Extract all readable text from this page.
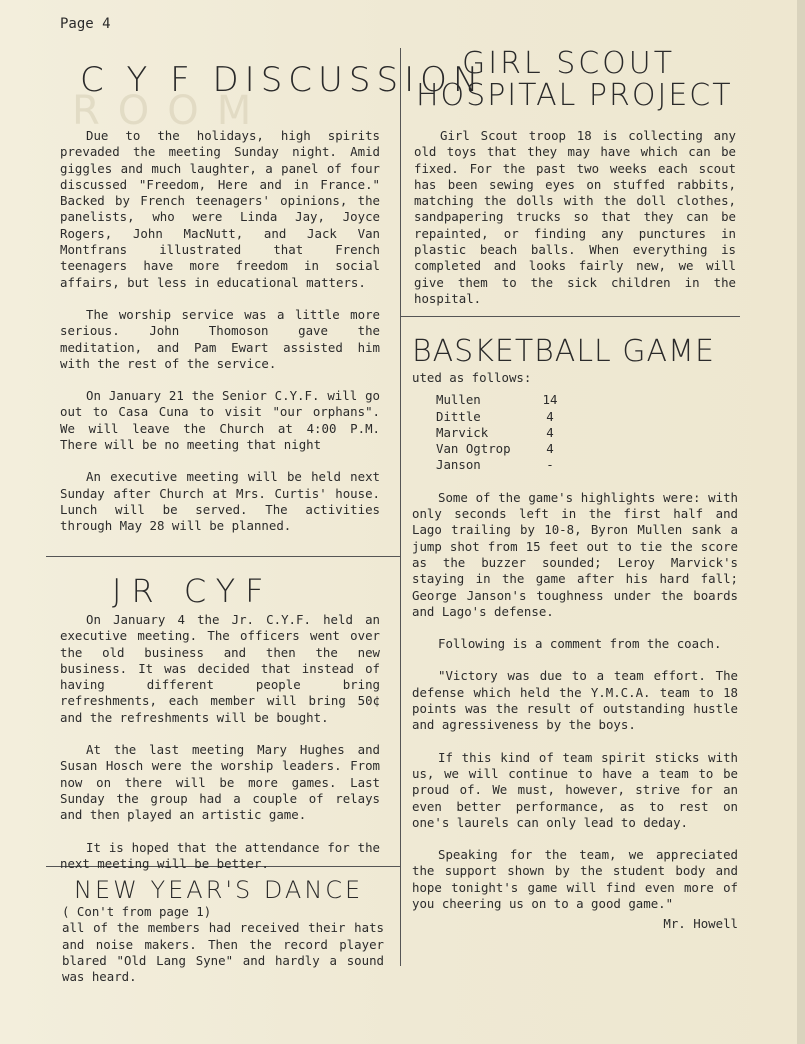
Page 4
ROOM
C Y F DISCUSSION

Due to the holidays, high spirits prevaded the meeting Sunday night. Amid giggles and much laughter, a panel of four discussed "Freedom, Here and in France." Backed by French teenagers' opinions, the panelists, who were Linda Jay, Joyce Rogers, John MacNutt, and Jack Van Montfrans illustrated that French teenagers have more freedom in social affairs, but less in educational matters.

The worship service was a little more serious. John Thomoson gave the meditation, and Pam Ewart assisted him with the rest of the service.

On January 21 the Senior C.Y.F. will go out to Casa Cuna to visit "our orphans". We will leave the Church at 4:00 P.M. There will be no meeting that night

An executive meeting will be held next Sunday after Church at Mrs. Curtis' house. Lunch will be served. The activities through May 28 will be planned.

JR CYF

On January 4 the Jr. C.Y.F. held an executive meeting. The officers went over the old business and then the new business. It was decided that instead of having different people bring refreshments, each member will bring 50¢ and the refreshments will be bought.

At the last meeting Mary Hughes and Susan Hosch were the worship leaders. From now on there will be more games. Last Sunday the group had a couple of relays and then played an artistic game.

It is hoped that the attendance for the next meeting will be better.

NEW YEAR'S DANCE

( Con't from page 1)

all of the members had received their hats and noise makers. Then the record player blared "Old Lang Syne" and hardly a sound was heard.

GIRL SCOUT
HOSPITAL PROJECT

Girl Scout troop 18 is collecting any old toys that they may have which can be fixed. For the past two weeks each scout has been sewing eyes on stuffed rabbits, matching the dolls with the doll clothes, sandpapering trucks so that they can be repainted, or finding any punctures in plastic beach balls. When everything is completed and looks fairly new, we will give them to the sick children in the hospital.

BASKETBALL GAME

uted as follows:

Mullen	14
Dittle	4
Marvick	4
Van Ogtrop	4
Janson	-

Some of the game's highlights were: with only seconds left in the first half and Lago trailing by 10-8, Byron Mullen sank a jump shot from 15 feet out to tie the score as the buzzer sounded; Leroy Marvick's staying in the game after his hard fall; George Janson's toughness under the boards and Lago's defense.

Following is a comment from the coach.

"Victory was due to a team effort. The defense which held the Y.M.C.A. team to 18 points was the result of outstanding hustle and agressiveness by the boys.

If this kind of team spirit sticks with us, we will continue to have a team to be proud of. We must, however, strive for an even better performance, as to rest on one's laurels can only lead to deday.

Speaking for the team, we appreciated the support shown by the student body and hope tonight's game will find even more of you cheering us on to a good game."

Mr. Howell
